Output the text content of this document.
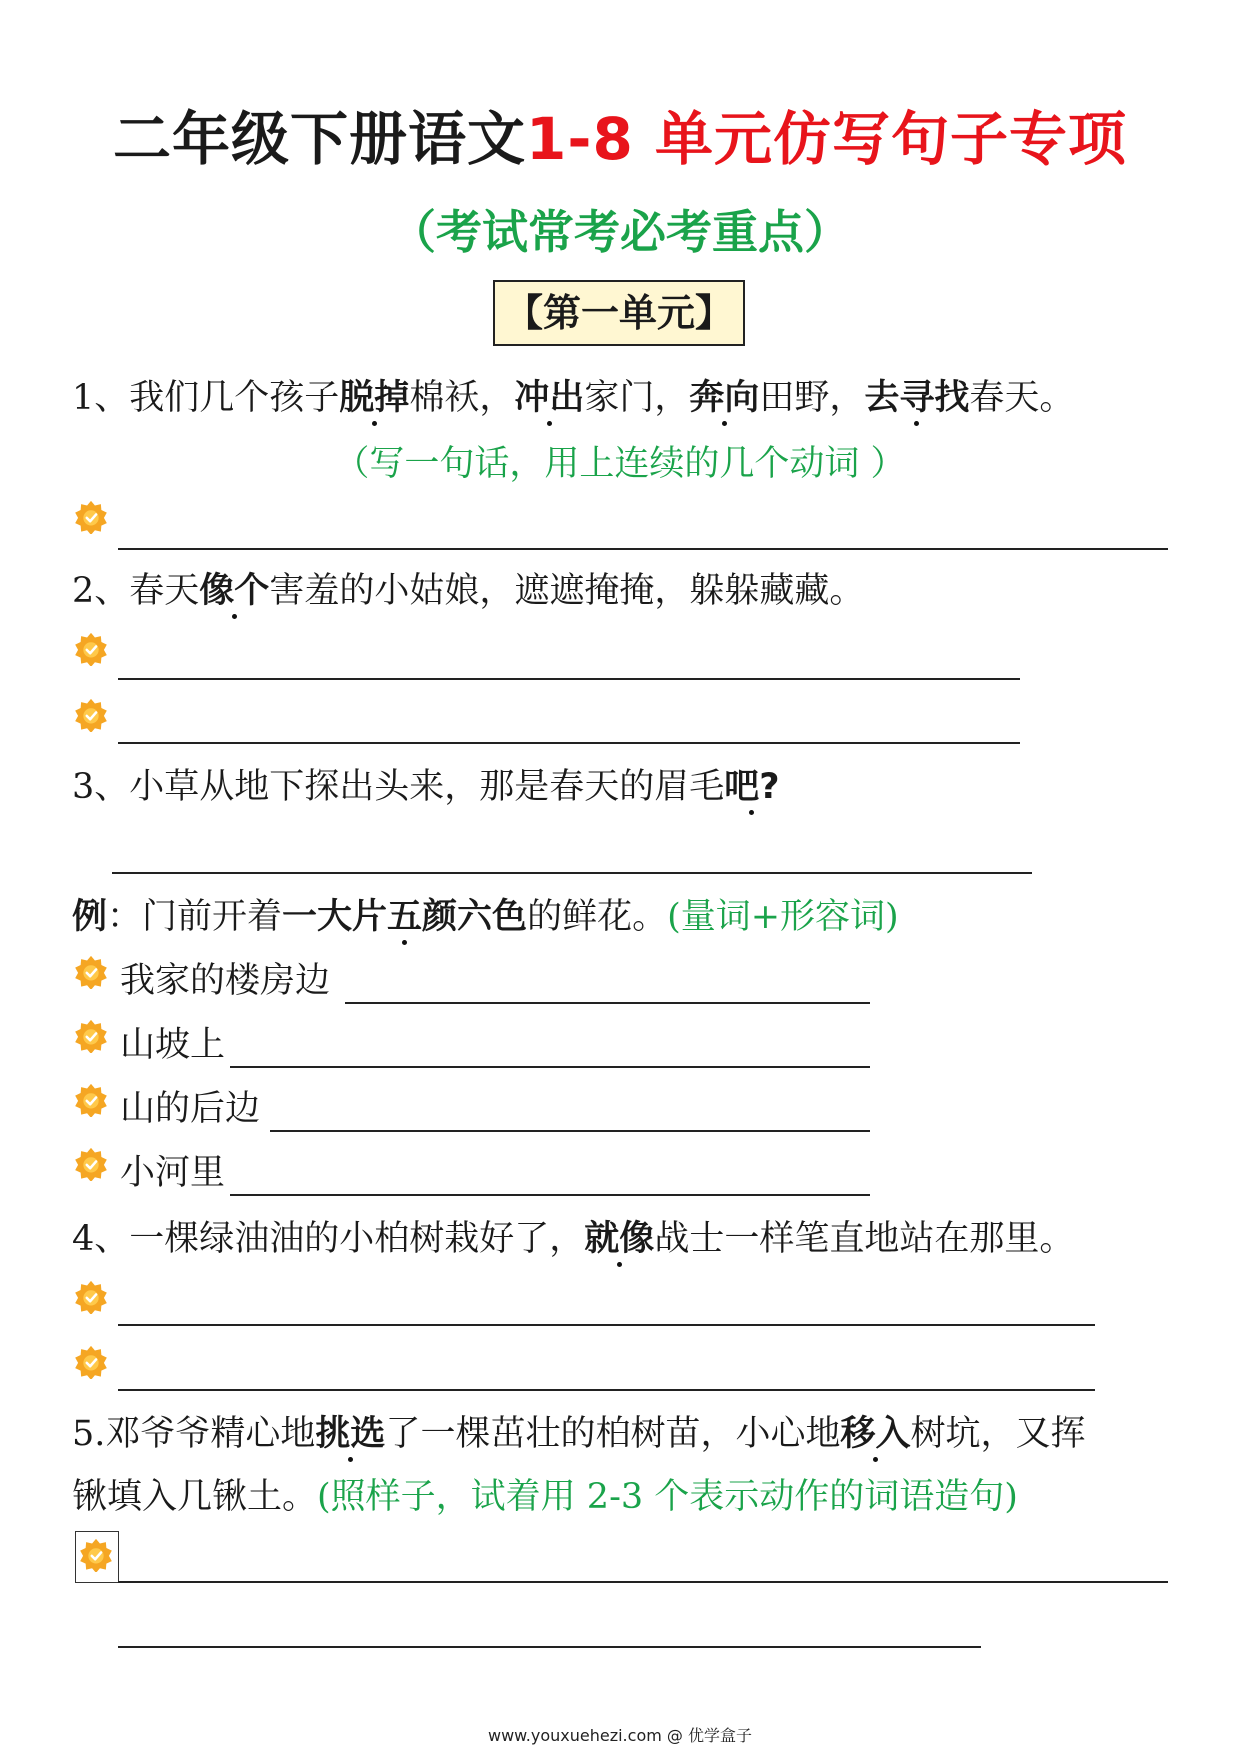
二年级下册语文1-8 单元仿写句子专项
（考试常考必考重点）
【第一单元】
1、我们几个孩子脱掉棉袄，冲出家门，奔向田野，去寻找春天。
（写一句话，用上连续的几个动词 ）
2、春天像个害羞的小姑娘，遮遮掩掩，躲躲藏藏。
3、小草从地下探出头来，那是春天的眉毛吧?
例：门前开着一大片五颜六色的鲜花。(量词+形容词)
我家的楼房边
山坡上
山的后边
小河里
4、一棵绿油油的小柏树栽好了，就像战士一样笔直地站在那里。
5.邓爷爷精心地挑选了一棵茁壮的柏树苗，小心地移入树坑，又挥
锹填入几锹土。(照样子，试着用 2-3 个表示动作的词语造句)
www.youxuehezi.com @ 优学盒子
